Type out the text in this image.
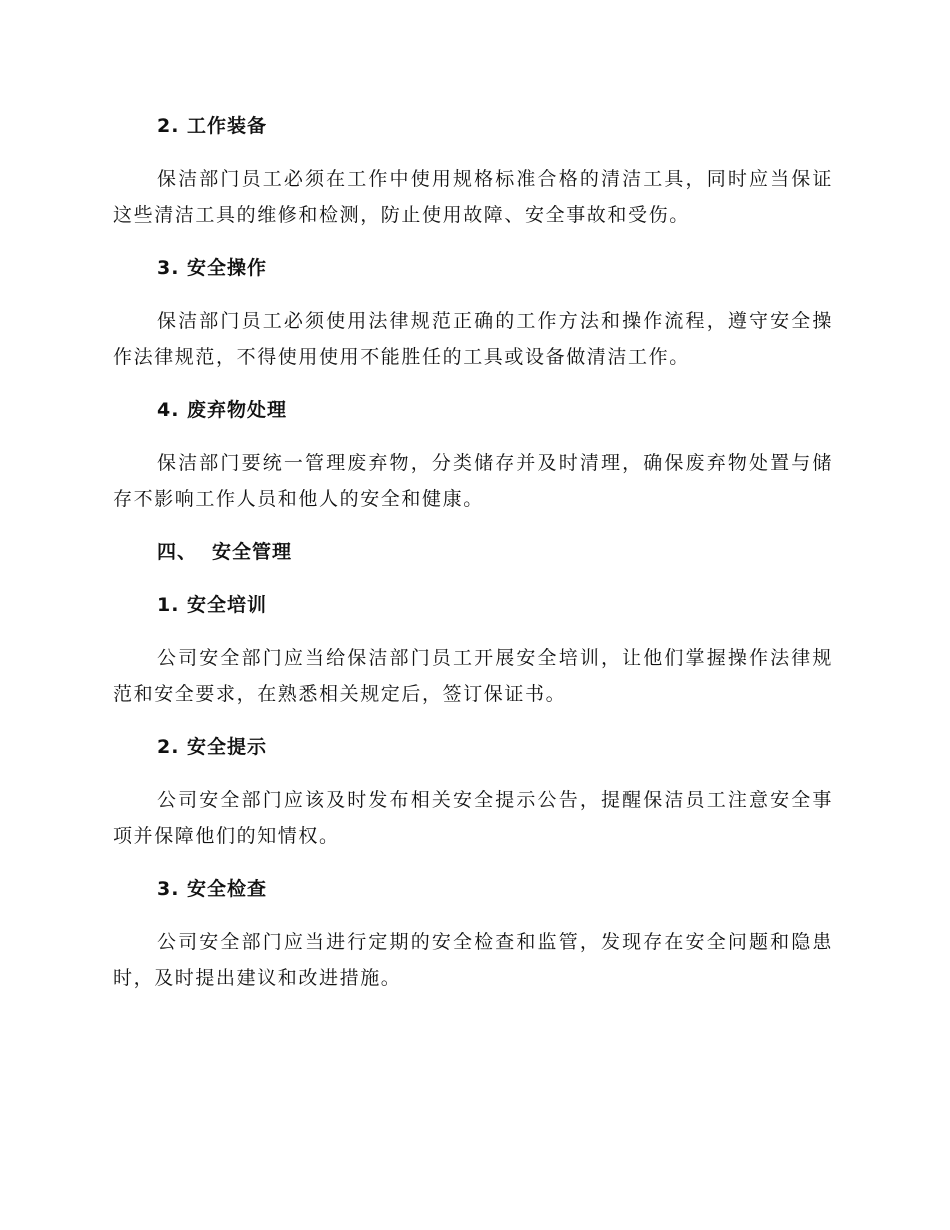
2. 工作装备

保洁部门员工必须在工作中使用规格标准合格的清洁工具，同时应当保证这些清洁工具的维修和检测，防止使用故障、安全事故和受伤。

3. 安全操作

保洁部门员工必须使用法律规范正确的工作方法和操作流程，遵守安全操作法律规范，不得使用使用不能胜任的工具或设备做清洁工作。

4. 废弃物处理

保洁部门要统一管理废弃物，分类储存并及时清理，确保废弃物处置与储存不影响工作人员和他人的安全和健康。

四、 安全管理
1. 安全培训

公司安全部门应当给保洁部门员工开展安全培训，让他们掌握操作法律规范和安全要求，在熟悉相关规定后，签订保证书。

2. 安全提示

公司安全部门应该及时发布相关安全提示公告，提醒保洁员工注意安全事项并保障他们的知情权。

3. 安全检查

公司安全部门应当进行定期的安全检查和监管，发现存在安全问题和隐患时，及时提出建议和改进措施。
